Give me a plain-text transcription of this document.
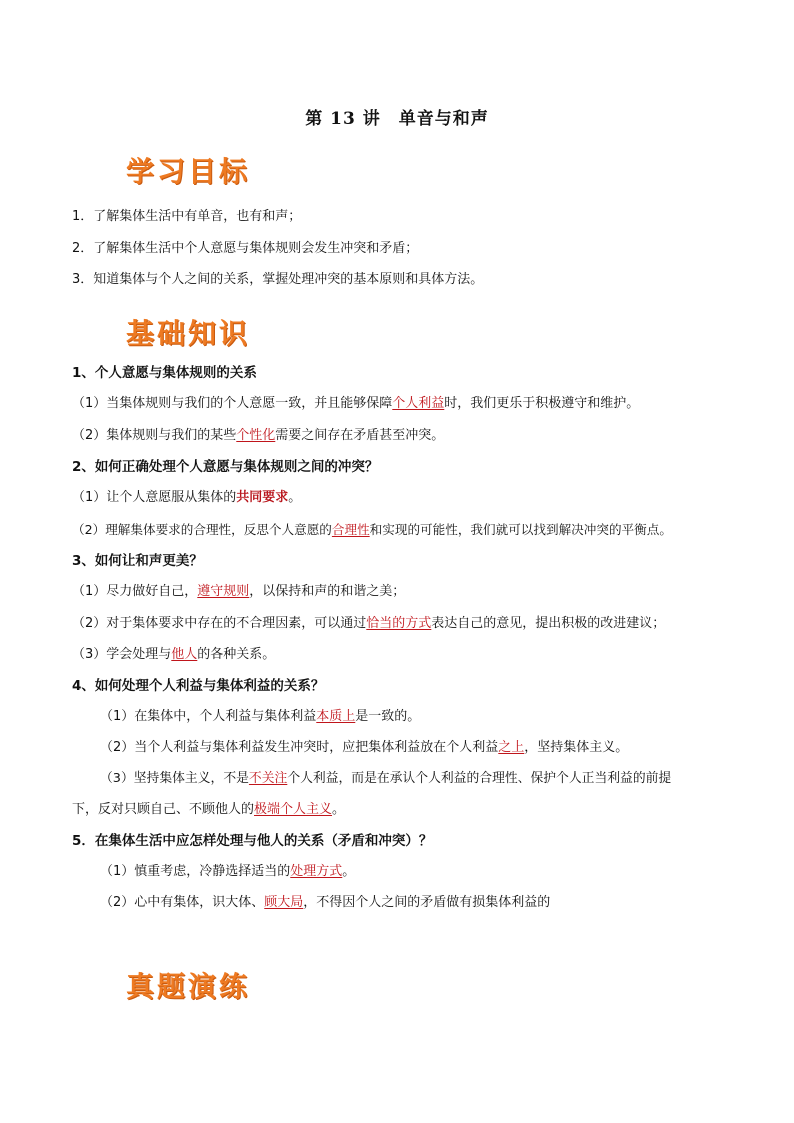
第 13 讲　单音与和声
学习目标
1．了解集体生活中有单音，也有和声；
2．了解集体生活中个人意愿与集体规则会发生冲突和矛盾；
3．知道集体与个人之间的关系，掌握处理冲突的基本原则和具体方法。
基础知识
1、个人意愿与集体规则的关系
（1）当集体规则与我们的个人意愿一致，并且能够保障个人利益时，我们更乐于积极遵守和维护。
（2）集体规则与我们的某些个性化需要之间存在矛盾甚至冲突。
2、如何正确处理个人意愿与集体规则之间的冲突？
（1）让个人意愿服从集体的共同要求。
（2）理解集体要求的合理性，反思个人意愿的合理性和实现的可能性，我们就可以找到解决冲突的平衡点。
3、如何让和声更美？
（1）尽力做好自己，遵守规则，以保持和声的和谐之美；
（2）对于集体要求中存在的不合理因素，可以通过恰当的方式表达自己的意见，提出积极的改进建议；
（3）学会处理与他人的各种关系。
4、如何处理个人利益与集体利益的关系？
（1）在集体中，个人利益与集体利益本质上是一致的。
（2）当个人利益与集体利益发生冲突时，应把集体利益放在个人利益之上，坚持集体主义。
（3）坚持集体主义，不是不关注个人利益，而是在承认个人利益的合理性、保护个人正当利益的前提
下，反对只顾自己、不顾他人的极端个人主义。
5．在集体生活中应怎样处理与他人的关系（矛盾和冲突）？
（1）慎重考虑，冷静选择适当的处理方式。
（2）心中有集体，识大体、顾大局，不得因个人之间的矛盾做有损集体利益的
真题演练
